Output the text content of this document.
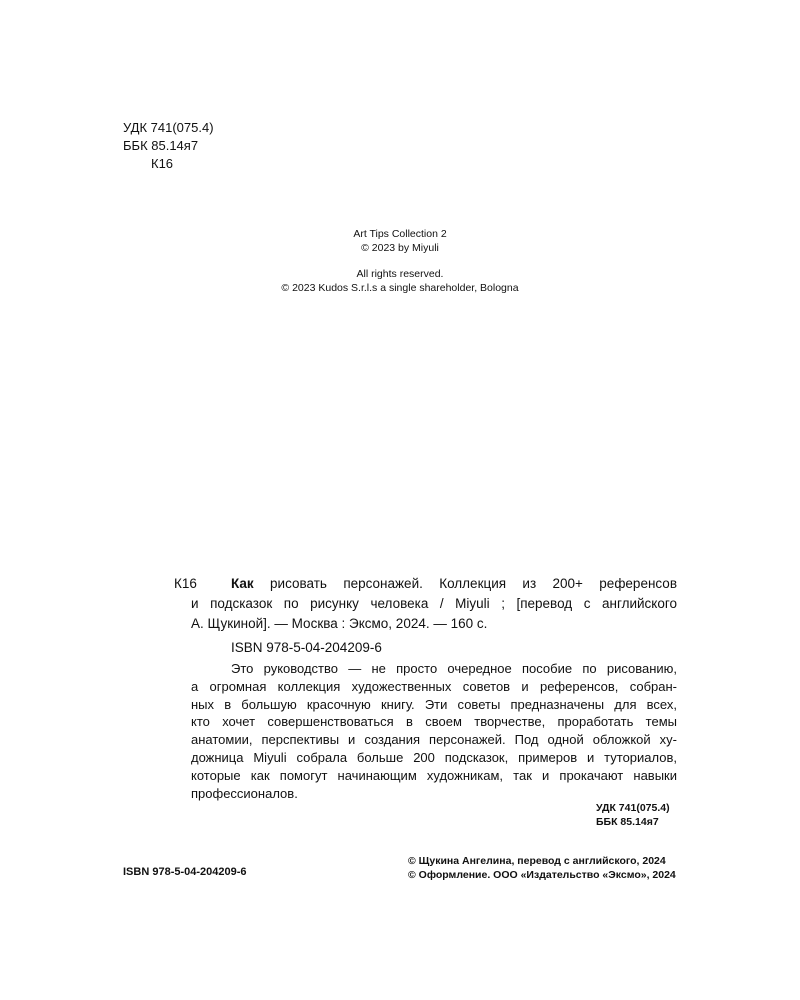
УДК 741(075.4)
ББК 85.14я7
К16
Art Tips Collection 2
© 2023 by Miyuli
All rights reserved.
© 2023 Kudos S.r.l.s a single shareholder, Bologna
К16	Как рисовать персонажей. Коллекция из 200+ референсов
и подсказок по рисунку человека / Miyuli ; [перевод с английского
А. Щукиной]. — Москва : Эксмо, 2024. — 160 с.
ISBN 978-5-04-204209-6
Это руководство — не просто очередное пособие по рисованию,
а огромная коллекция художественных советов и референсов, собран-
ных в большую красочную книгу. Эти советы предназначены для всех,
кто хочет совершенствоваться в своем творчестве, проработать темы
анатомии, перспективы и создания персонажей. Под одной обложкой ху-
дожница Miyuli собрала больше 200 подсказок, примеров и туториалов,
которые как помогут начинающим художникам, так и прокачают навыки
профессионалов.
УДК 741(075.4)
ББК 85.14я7
ISBN 978-5-04-204209-6
© Щукина Ангелина, перевод с английского, 2024
© Оформление. ООО «Издательство «Эксмо», 2024
